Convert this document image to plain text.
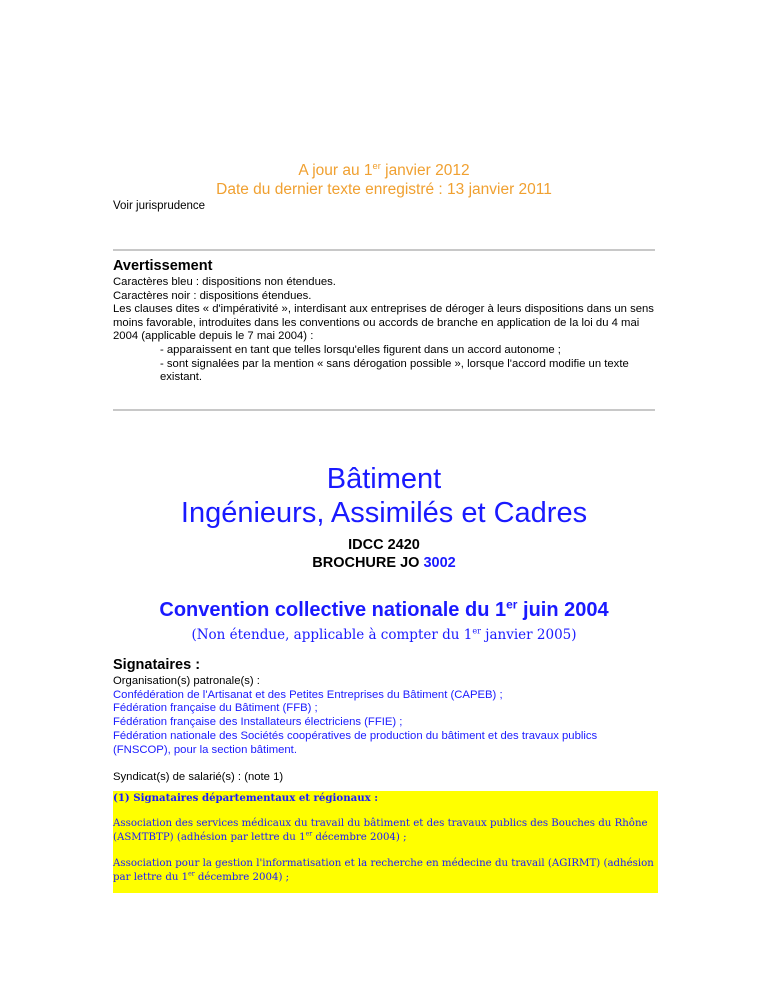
A jour au 1er janvier 2012
Date du dernier texte enregistré : 13 janvier 2011
Voir jurisprudence
Avertissement

Caractères bleu : dispositions non étendues.

Caractères noir : dispositions étendues.

Les clauses dites « d'impérativité », interdisant aux entreprises de déroger à leurs dispositions dans un sens moins favorable, introduites dans les conventions ou accords de branche en application de la loi du 4 mai 2004 (applicable depuis le 7 mai 2004) :

- apparaissent en tant que telles lorsqu'elles figurent dans un accord autonome ;

- sont signalées par la mention « sans dérogation possible », lorsque l'accord modifie un texte existant.

Bâtiment
Ingénieurs, Assimilés et Cadres
IDCC 2420
BROCHURE JO 3002
Convention collective nationale du 1er juin 2004
(Non étendue, applicable à compter du 1er janvier 2005)
Signataires :

Organisation(s) patronale(s) :

Confédération de l'Artisanat et des Petites Entreprises du Bâtiment (CAPEB) ;

Fédération française du Bâtiment (FFB) ;

Fédération française des Installateurs électriciens (FFIE) ;

Fédération nationale des Sociétés coopératives de production du bâtiment et des travaux publics (FNSCOP), pour la section bâtiment.

Syndicat(s) de salarié(s) : (note 1)

(1) Signataires départementaux et régionaux :

Association des services médicaux du travail du bâtiment et des travaux publics des Bouches du Rhône (ASMTBTP) (adhésion par lettre du 1er décembre 2004) ;

Association pour la gestion l'informatisation et la recherche en médecine du travail (AGIRMT) (adhésion par lettre du 1er décembre 2004) ;
